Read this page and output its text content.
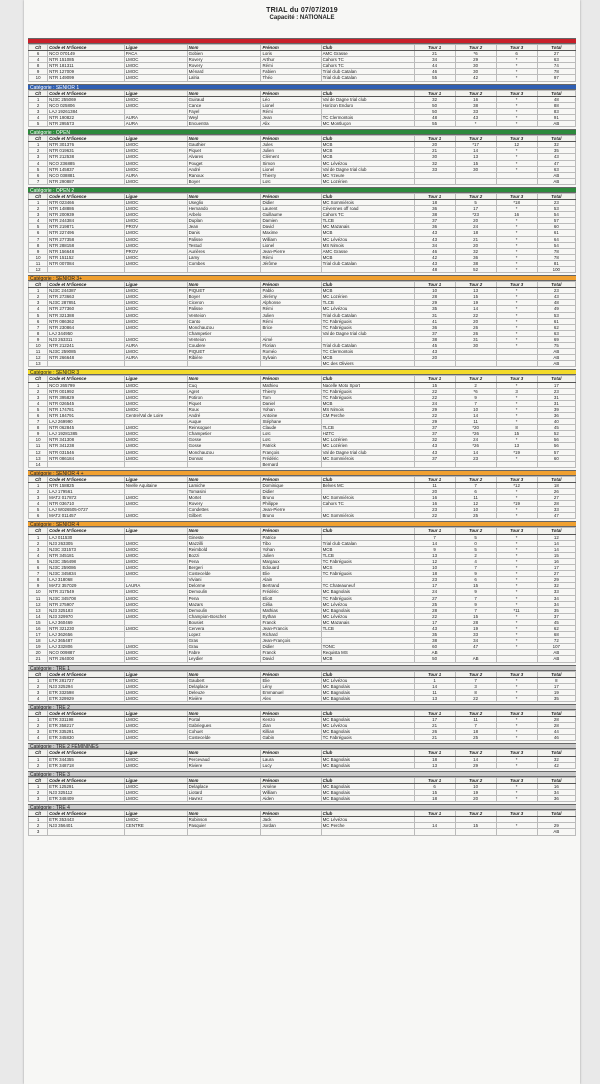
TRIAL du 07/07/2019
Capacité : NATIONALE
Clt	Code et N°licence	Ligue	Nom	Prénom	Club	Tour 1	Tour 2	Tour 3	Total
6	NCO 070149	PACA	Gobien	Loris	AMC Grasse	21	*6	6	27
4	NTR 151085	LMOC	Rovery	Arthur	Cahors TC	34	29	*	63
8	NTR 181311	LMOC	Rovery	Rémi	Cahors TC	44	30	*	74
9	NTR 127009	LMOC	Ménard	Fabien	Trial club Catalan	46	30	*	78
10	NTR 149099	LMOC	Lalria	Théo	Trial club Catalan	55	42	*	97
Catégorie : SENIOR 1
Clt	Code et N°licence	Ligue	Nom	Prénom	Club	Tour 1	Tour 2	Tour 3	Total
1	NJ3C 255069	LMOC	Guiraud	Léo	Val de Dagne trial club	32	16	*	48
2	NCO 025806	LMOC	Cance	Lionel	Horizon Enduro	50	38	*	88
3	LAJ 19261384		Fayel	Rémi		50	33	*	83
4	NTR 190822	AURA	Weyl	Jean	TC Clermontois	48	43	*	91
5	NTR 295573	AURA	Encuentra	Alix	MC Montluçon	55	*	*	AB
Catégorie : OPEN
Clt	Code et N°licence	Ligue	Nom	Prénom	Club	Tour 1	Tour 2	Tour 3	Total
1	NTR 301376	LMOC	Gauthier	Jules	MCB	20	*17	12	32
2	NTR 019631	LMOC	Piquet	Julien	MCB	21	14	*	35
3	NTR 212538	LMOC	Alvares	Clément	MCB	30	13	*	43
4	NCO 236885	LMOC	Pouget	Simon	MC Lévézou	32	15	*	47
5	NTR 145837	LMOC	André	Lionel	Val de Dagne trial club	33	30	*	63
6	NCO 038881	AURA	Ranoux	Thierry	MC Yzeure				AB
7	NTR 290887	LMOC	Boyer	Loïc	MC Lozérien				AB
Catégorie : OPEN 2
Clt	Code et N°licence	Ligue	Nom	Prénom	Club	Tour 1	Tour 2	Tour 3	Total
1	NTR 023466	LMOC	Useglio	Didier	MC Sommiérois	18	5	*18	23
2	NTR 148886	LMOC	Hernando	Laurent	Cévennes off road	36	17	*	53
3	NTR 200939	LMOC	Arbelo	Guillaume	Cahors TC	38	*23	16	54
4	NTR 244384	LMOC	Duplan	Damien	TLCB	37	20	*	57
5	NTR 219871	PROV	Jean	David	MC Mazanais	36	24	*	60
6	NTR 227496	LMOC	Danis	Maxime	MCB	43	18	*	61
7	NTR 277358	LMOC	Palisse	William	MC Lévézou	43	21	*	64
8	NTR 288158	LMOC	Testud	Lionel	MS Nimois	34	20	*	54
9	NTR 156648	PROV	Aurières	Jean-Pierre	AMC Grasse	46	32	*	78
10	NTR 151152	LMOC	Lamy	Rémi	MCB	42	36	*	78
11	NTR 007084	LMOC	Combes	Jérôme	Trial club Catalan	43	38	*	81
12						48	52	*	100
Catégorie : SENIOR 3+
Clt	Code et N°licence	Ligue	Nom	Prénom	Club	Tour 1	Tour 2	Tour 3	Total
1	NJ3C 244387	LMOC	PIQUET	Pablo	MCB	10	13	*	23
2	NTR 273663	LMOC	Boyer	Jérémy	MC Lozérien	28	15	*	43
3	NJ3C 287851	LMOC	Ciceron	Alphonse	TLCB	29	19	*	48
4	NTR 277360	LMOC	Palisse	Rémi	MC Lévézou	35	14	*	49
5	NTR 321388	LMOC	Venteion	Julien	Trial club Catalan	31	22	*	53
6	NTR 086362	LMOC	Canto	Rémi	TC Fabréguois	41	20	*	61
7	NTR 230864	LMOC	Monchauzou	Brice	TC Fabréguois	36	26	*	62
8	LAJ 344950		Champetier		Val de Dagne trial club	37	26	*	63
9	NJ3 263311	LMOC	Venteion	Aimé		38	31	*	69
10	NTR 212241	AURA	Coudere	Florian	Trial club Catalan	45	30	*	75
11	NJ3C 259085	LMOC	PIQUET	Roméo	TC Clermontois	43			AB
12	NTR 266648	AURA	Ribière	Sylvain	MCB	20			AB
13					MC des Oliviers				AB
Catégorie : SENIOR 3
Clt	Code et N°licence	Ligue	Nom	Prénom	Club	Tour 1	Tour 2	Tour 3	Total
1	NCO 265799	LMOC	Cuq	Mathieu	Nacelle Moto Sport	15	2	*	17
2	NTR 001992	LMOC	Agret	Thierry	TC Fabréguois	22	*6	3	23
3	NTR 395829	LMOC	Potiron	Tom	TC Fabréguois	22	9	*	31
4	NTR 026545	LMOC	Piquet	Daniel	MCB	24	7	*	31
5	NTR 174781	LMOC	Roux	Yohan	MS Nimois	29	10	*	39
6	NTR 184791	Centre/Val de Loire	André	Antoine	CM Perche	22	14	*	36
7	LAJ 269990		Auque	Stéphane		29	11	*	40
8	NTR 062845	LMOC	Reinsoguer	Claude	TLCB	37	*20	8	45
9	LAJ 19281385	LMOC	Champetier	Loïc	HZTC	37	*26	15	52
10	NTR 341308	LMOC	Gosse	Loïc	MC Lozérien	32	24	*	56
11	NTR 341238	LMOC	Gosse	Patrick	MC Lozérien	43	*26	13	56
12	NTR 031546	LMOC	Monchauzou	François	Val de Dagne trial club	43	14	*19	57
13	NTR 086184	LMOC	Donnat	Frédéric	MC Sommiérois	37	23	*	60
14				Bernard					
Catégorie : SENIOR 4 +
Clt	Code et N°licence	Ligue	Nom	Prénom	Club	Tour 1	Tour 2	Tour 3	Total
1	NTR 158825	Nvelle Aquitaine	Lamiche	Dominique	Belves MC	11	7	*12	18
2	LAJ 179561		Tomasini	Didier		20	6	*	26
3	MAT2 017872	LMOC	Mortet	Bruno	MC Sommiérois	16	11	*	27
4	NTR 036710	LMOC	Rovery	Philippe	Cahors TC	16	12	*19	28
5	LAJ W026505-0727		Condettes	Jean-Pierre		23	10	*	33
6	MAT2 011457	LMOC	Gilbert	Bruno	MC Sommiérois	22	25	*	47
Catégorie : SENIOR 4
Clt	Code et N°licence	Ligue	Nom	Prénom	Club	Tour 1	Tour 2	Tour 3	Total
1	LAJ 011530		Gineste	Patrice		7	5	*	12
2	NJ3 263305	LMOC	Mazzilli	Tibo	Trial club Catalan	14	0	*	14
3	NJ3C 331573	LMOC	Reimbold	Yohan	MCB	9	5	*	14
4	NTR 345181	LMOC	Bozzi	Julien	TLCB	13	2	*	15
5	NJ3C 356498	LMOC	Pena	Margaux	TC Fabréguois	12	4	*	16
6	NJ3C 259086	LMOC	Bergeri	Edouard	MCS	10	7	*	17
7	NJ3C 345834	LMOC	Costecelde	Elie	TC Fabréguois	18	9	*	27
8	LAJ 318068		Viviani	Alain		23	6	*	29
9	MAT2 357029	LAURA	Delorme	Bertrand	TC Chateauneuf	17	15	*	32
10	NTR 317549	LMOC	Demoulin	Frédéric	MC Bagnolais	24	9	*	33
11	NJ3C 345708	LMOC	Pena	Eliott	TC Fabréguois	27	7	*	34
12	NTR 275907	LMOC	Mazars	Célia	MC Lévézou	25	9	*	34
13	NJ3 325183	LMOC	Demoulin	Mathias	MC Bagnolais	28	7	*11	35
14	NJ3 329970	LMOC	Champion-Boschet	Eythan	MC Lévézou	22	15	*	37
15	LAJ 360469		Bousiet	Franck	MC Mazanais	17	28	*	45
16	NTR 321230	LMOC	Cervera	Jean-Francis	TLCB	43	19	*	62
17	LAJ 362656		Lopez	Richard		35	33	*	68
18	LAJ 365487		Gras	Jean-François		38	34	*	72
19	LAJ 332806	LMOC	Grau	Didier	TONC	60	47	*	107
20	NCO 009887	LMOC	Fabre	Franck	Requista MS	AB			AB
21	NTR 264000	LMOC	Leydier	David	MCB	50	AB		AB
Catégorie : TRE 1
Clt	Code et N°licence	Ligue	Nom	Prénom	Club	Tour 1	Tour 2	Tour 3	Total
1	ETR 281727	LMOC	Gaubert	Elie	MC Lévézou	1	7	*	8
2	NJ3 325294	LMOC	Delaplace	Lény	MC Bagnolais	14	3	*	17
3	ETR 332598	LMOC	Deleuze	Emmanuel	MC Bagnolais	11	8	*	19
4	ETR 329929	LMOC	Rivière	Alex	MC Bagnolais	13	22	*	35
Catégorie : TRE 2
Clt	Code et N°licence	Ligue	Nom	Prénom	Club	Tour 1	Tour 2	Tour 3	Total
1	ETR 331198	LMOC	Portal	Kenzo	MC Bagnolais	17	11	*	28
2	ETR 358217	LMOC	Gabriegues	Zian	MC Lévézou	21	7	*	28
3	ETR 335291	LMOC	Cohuet	Killian	MC Bagnolais	26	18	*	44
4	ETR 345830	LMOC	Costecelde	Gabin	TC Fabréguois	21	25	*	46
Catégorie : TRE 2 FÉMININES
Clt	Code et N°licence	Ligue	Nom	Prénom	Club	Tour 1	Tour 2	Tour 3	Total
1	ETR 344355	LMOC	Percevaud	Laura	MC Bagnolais	18	14	*	32
2	ETR 348718	LMOC	Riviere	Lucy	MC Bagnolais	13	29	*	42
Catégorie : TRE 3
Clt	Code et N°licence	Ligue	Nom	Prénom	Club	Tour 1	Tour 2	Tour 3	Total
1	ETR 125291	LMOC	Delaplace	Arsène	MC Bagnolais	6	10	*	16
2	NJ3 325112	LMOC	Liotard	William	MC Bagnolais	15	19	*	34
3	ETR 348409	LMOC	Havrez	Aiden	MC Bagnolais	18	20	*	36
Catégorie : TRE 4
Clt	Code et N°licence	Ligue	Nom	Prénom	Club	Tour 1	Tour 2	Tour 3	Total
1	ETR 353443	LMOC	Robinson	Jack	MC Lévézou				
2	NJ3 356401	CENTRE	Pasquier	Jordan	MC Perche	14	15	*	29
3									AB
